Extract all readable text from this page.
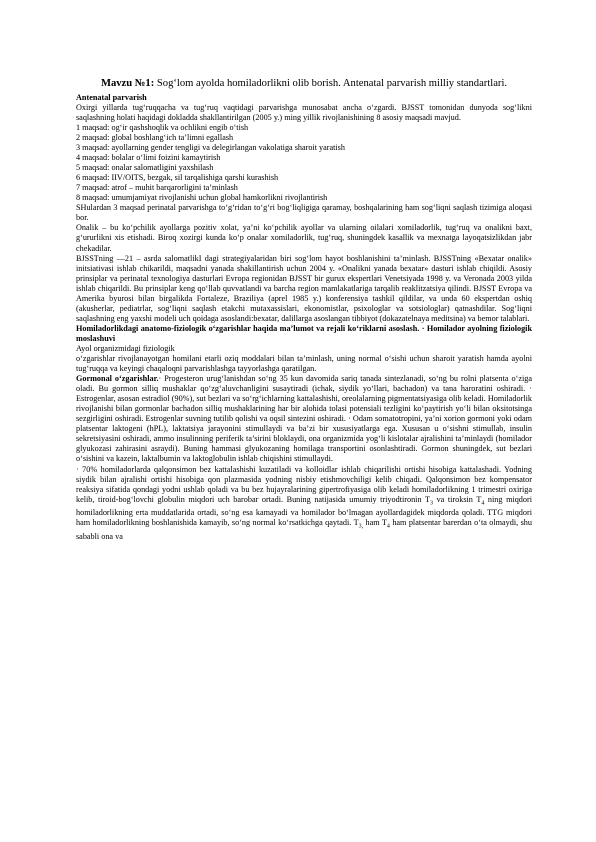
Mavzu №1: Sog‘lom ayolda homiladorlikni olib borish. Antenatal parvarish milliy standartlari.

Antenatal parvarish

Oxirgi yillarda tug‘ruqqacha va tug‘ruq vaqtidagi parvarishga munosabat ancha o‘zgardi. BJSST tomonidan dunyoda sog‘likni saqlashning holati haqidagi dokladda shakllantirilgan (2005 y.) ming yillik rivojlanishining 8 asosiy maqsadi mavjud.

1 maqsad: og‘ir qashshoqlik va ochlikni engib o‘tish
2 maqsad: global boshlang‘ich ta’limni egallash
3 maqsad: ayollarning gender tengligi va delegirlangan vakolatiga sharoit yaratish
4 maqsad: bolalar o‘limi foizini kamaytirish
5 maqsad: onalar salomatligini yaxshilash
6 maqsad: IIV/OITS, bezgak, sil tarqalishiga qarshi kurashish
7 maqsad: atrof – muhit barqarorligini ta’minlash
8 maqsad: umumjamiyat rivojlanishi uchun global hamkorlikni rivojlantirish

SHulardan 3 maqsad perinatal parvarishga to‘g‘ridan to‘g‘ri bog‘liqligiga qaramay, boshqalarining ham sog‘liqni saqlash tizimiga aloqasi bor.

Onalik – bu ko‘pchilik ayollarga pozitiv xolat, ya’ni ko‘pchilik ayollar va ularning oilalari xomiladorlik, tug‘ruq va onalikni baxt, g‘ururlikni xis etishadi. Biroq xozirgi kunda ko‘p onalar xomiladorlik, tug‘ruq, shuningdek kasallik va mexnatga layoqatsizlikdan jabr chekadilar.

BJSSTning —21 – asrda salomatlikI dagi strategiyalaridan biri sog‘lom hayot boshlanishini ta’minlash. BJSSTning «Bexatar onalik» initsiativasi ishlab chikarildi, maqsadni yanada shakillantirish uchun 2004 y. «Onalikni yanada bexatar» dasturi ishlab chiqildi. Asosiy prinsiplar va perinatal texnologiya dasturlari Evropa regionidan BJSST bir guruх ekspertlari Venetsiyada 1998 y. va Veronada 2003 yilda ishlab chiqarildi. Bu prinsiplar keng qo‘llab quvvatlandi va barcha region mamlakatlariga tarqalib reaklitzatsiya qilindi. BJSST Evropa va Amerika byurosi bilan birgalikda Fortaleze, Braziliya (aprel 1985 y.) konferensiya tashkil qildilar, va unda 60 ekspertdan oshiq (akusherlar, pediatrlar, sog‘liqni saqlash etakchi mutaxassislari, ekonomistlar, psixologlar va sotsiologlar) qatnashdilar. Sog‘liqni saqlashning eng yaxshi modeli uch qoidaga asoslandi:bexatar, dalillarga asoslangan tibbiyot (dokazatelnaya meditsina) va bemor talablari.

Homiladorlikdagi anatomo-fiziologik o‘zgarishlar haqida ma’lumot va rejali ko‘riklarni asoslash. · Homilador ayolning fiziologik moslashuvi

Ayol organizmidagi fiziologik

o‘zgarishlar rivojlanayotgan homilani etarli oziq moddalari bilan ta’minlash, uning normal o‘sishi uchun sharoit yaratish hamda ayolni tug‘ruqqa va keyingi chaqaloqni parvarishlashga tayyorlashga qaratilgan.

Gormonal o‘zgarishlar.· Progesteron urug‘lanishdan so‘ng 35 kun davomida sariq tanada sintezlanadi, so‘ng bu rolni platsenta o‘ziga oladi. Bu gormon silliq mushaklar qo‘zg‘aluvchanligini susaytiradi (ichak, siydik yo‘llari, bachadon) va tana haroratini oshiradi. · Estrogenlar, asosan estradiol (90%), sut bezlari va so‘rg‘ichlarning kattalashishi, oreolalarning pigmentatsiyasiga olib keladi. Homiladorlik rivojlanishi bilan gormonlar bachadon silliq mushaklarining har bir alohida tolasi potensiali tezligini ko‘paytirish yo‘li bilan oksitotsinga sezgirligini oshiradi. Estrogenlar suvning tutilib qolishi va oqsil sintezini oshiradi. · Odam somatotropini, ya’ni xorion gormoni yoki odam platsentar laktogeni (hPL), laktatsiya jarayonini stimullaydi va ba’zi bir xususiyatlarga ega. Xususan u o‘sishni stimullab, insulin sekretsiyasini oshiradi, ammo insulinning periferik ta’sirini bloklaydi, ona organizmida yog‘li kislotalar ajralishini ta’minlaydi (homilador glyukozasi zahirasini asraydi). Buning hammasi glyukozaning homilaga transportini osonlashtiradi. Gormon shuningdek, sut bezlari o‘sishini va kazein, laktalbumin va laktoglobulin ishlab chiqishini stimullaydi.

· 70% homiladorlarda qalqonsimon bez kattalashishi kuzatiladi va kolloidlar ishlab chiqarilishi ortishi hisobiga kattalashadi. Yodning siydik bilan ajralishi ortishi hisobiga qon plazmasida yodning nisbiy etishmovchiligi kelib chiqadi. Qalqonsimon bez kompensator reaksiya sifatida qondagi yodni ushlab qoladi va bu bez hujayralarining gipertrofiyasiga olib keladi homiladorlikning 1 trimestri oxiriga kelib, tiroid-bog‘lovchi globulin miqdori uch barobar ortadi. Buning natijasida umumiy triyodtironin $T_3$ va tiroksin $T_4$ ning miqdori homiladorlikning erta muddatlarida ortadi, so‘ng esa kamayadi va homilador bo‘lmagan ayollardagidek miqdorda qoladi. TTG miqdori ham homiladorlikning boshlanishida kamayib, so‘ng normal ko‘rsatkichga qaytadi. $T_{3,}$ ham $T_4$ ham platsentar barerdan o‘ta olmaydi, shu sababli ona va
